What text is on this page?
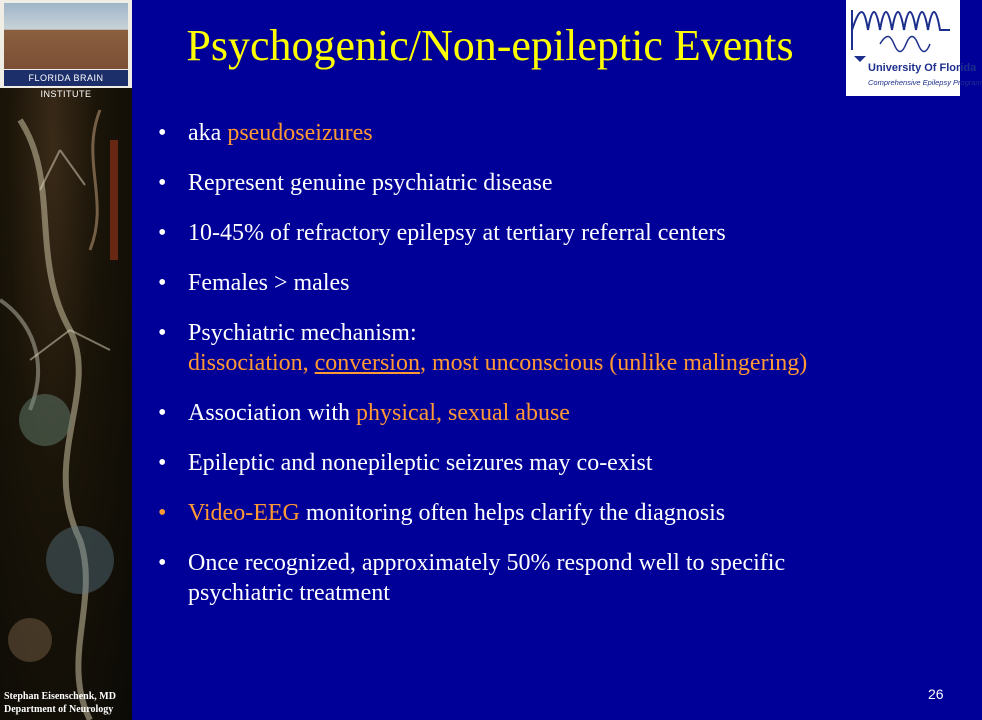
FLORIDA BRAIN INSTITUTE
University Of Florida
Comprehensive Epilepsy Program
Psychogenic/Non-epileptic Events
• aka pseudoseizures
• Represent genuine psychiatric disease
• 10-45% of refractory epilepsy at tertiary referral centers
• Females > males
• Psychiatric mechanism:
dissociation, conversion, most unconscious (unlike malingering)
• Association with physical, sexual abuse
• Epileptic and nonepileptic seizures may co-exist
• Video-EEG monitoring often helps clarify the diagnosis
• Once recognized, approximately 50% respond well to specific psychiatric treatment
Stephan Eisenschenk, MD
Department of Neurology
26
